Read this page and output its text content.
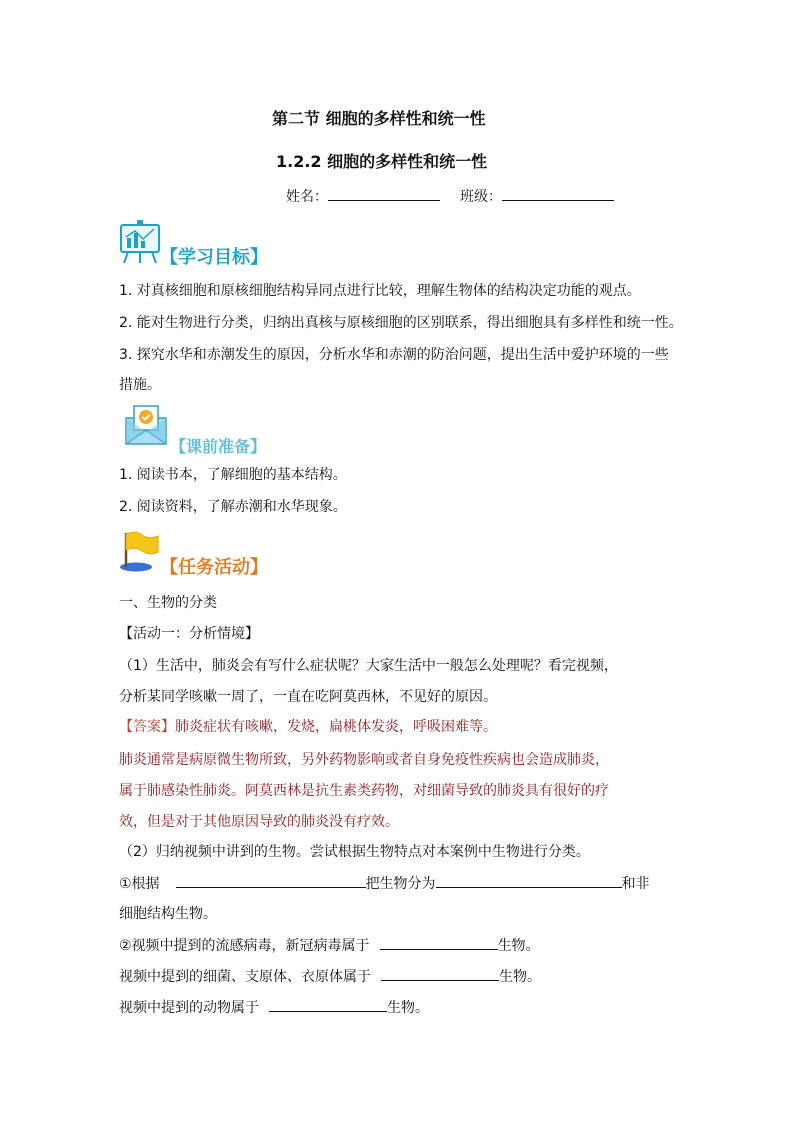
第二节 细胞的多样性和统一性
1.2.2 细胞的多样性和统一性
姓名：	班级：
【学习目标】
1. 对真核细胞和原核细胞结构异同点进行比较，理解生物体的结构决定功能的观点。
2. 能对生物进行分类，归纳出真核与原核细胞的区别联系，得出细胞具有多样性和统一性。
3. 探究水华和赤潮发生的原因，分析水华和赤潮的防治问题，提出生活中爱护环境的一些
措施。
【课前准备】
1. 阅读书本，了解细胞的基本结构。
2. 阅读资料，了解赤潮和水华现象。
【任务活动】
一、生物的分类
【活动一：分析情境】
（1）生活中，肺炎会有写什么症状呢？大家生活中一般怎么处理呢？看完视频，
分析某同学咳嗽一周了，一直在吃阿莫西林，不见好的原因。
【答案】肺炎症状有咳嗽，发烧，扁桃体发炎，呼吸困难等。
肺炎通常是病原微生物所致，另外药物影响或者自身免疫性疾病也会造成肺炎，
属于肺感染性肺炎。阿莫西林是抗生素类药物，对细菌导致的肺炎具有很好的疗
效，但是对于其他原因导致的肺炎没有疗效。
（2）归纳视频中讲到的生物。尝试根据生物特点对本案例中生物进行分类。
①根据	把生物分为	和非
细胞结构生物。
②视频中提到的流感病毒，新冠病毒属于	生物。
视频中提到的细菌、支原体、衣原体属于	生物。
视频中提到的动物属于	生物。
